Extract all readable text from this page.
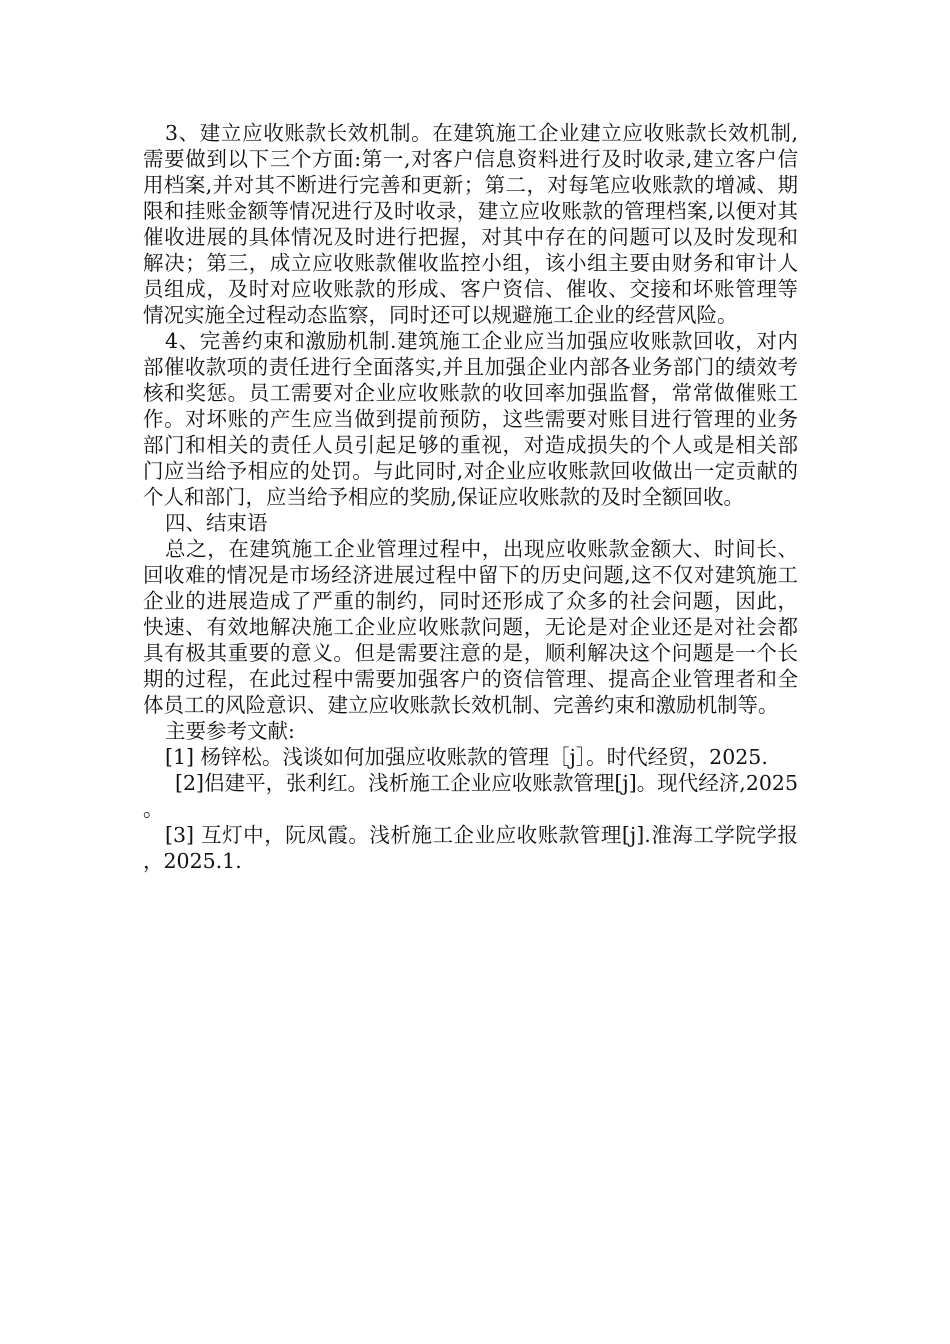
3、建立应收账款长效机制。在建筑施工企业建立应收账款长效机制,需要做到以下三个方面:第一,对客户信息资料进行及时收录,建立客户信用档案,并对其不断进行完善和更新；第二，对每笔应收账款的增减、期限和挂账金额等情况进行及时收录，建立应收账款的管理档案,以便对其催收进展的具体情况及时进行把握，对其中存在的问题可以及时发现和解决；第三，成立应收账款催收监控小组，该小组主要由财务和审计人员组成，及时对应收账款的形成、客户资信、催收、交接和坏账管理等情况实施全过程动态监察，同时还可以规避施工企业的经营风险。

4、完善约束和激励机制.建筑施工企业应当加强应收账款回收，对内部催收款项的责任进行全面落实,并且加强企业内部各业务部门的绩效考核和奖惩。员工需要对企业应收账款的收回率加强监督，常常做催账工作。对坏账的产生应当做到提前预防，这些需要对账目进行管理的业务部门和相关的责任人员引起足够的重视，对造成损失的个人或是相关部门应当给予相应的处罚。与此同时,对企业应收账款回收做出一定贡献的个人和部门，应当给予相应的奖励,保证应收账款的及时全额回收。

四、结束语

总之，在建筑施工企业管理过程中，出现应收账款金额大、时间长、回收难的情况是市场经济进展过程中留下的历史问题,这不仅对建筑施工企业的进展造成了严重的制约，同时还形成了众多的社会问题，因此，快速、有效地解决施工企业应收账款问题，无论是对企业还是对社会都具有极其重要的意义。但是需要注意的是，顺利解决这个问题是一个长期的过程，在此过程中需要加强客户的资信管理、提高企业管理者和全体员工的风险意识、建立应收账款长效机制、完善约束和激励机制等。

主要参考文献:

[1] 杨锌松。浅谈如何加强应收账款的管理［j］。时代经贸，2025.

[2]侣建平，张利红。浅析施工企业应收账款管理[j]。现代经济,2025。

[3] 互灯中，阮凤霞。浅析施工企业应收账款管理[j].淮海工学院学报，2025.1.
